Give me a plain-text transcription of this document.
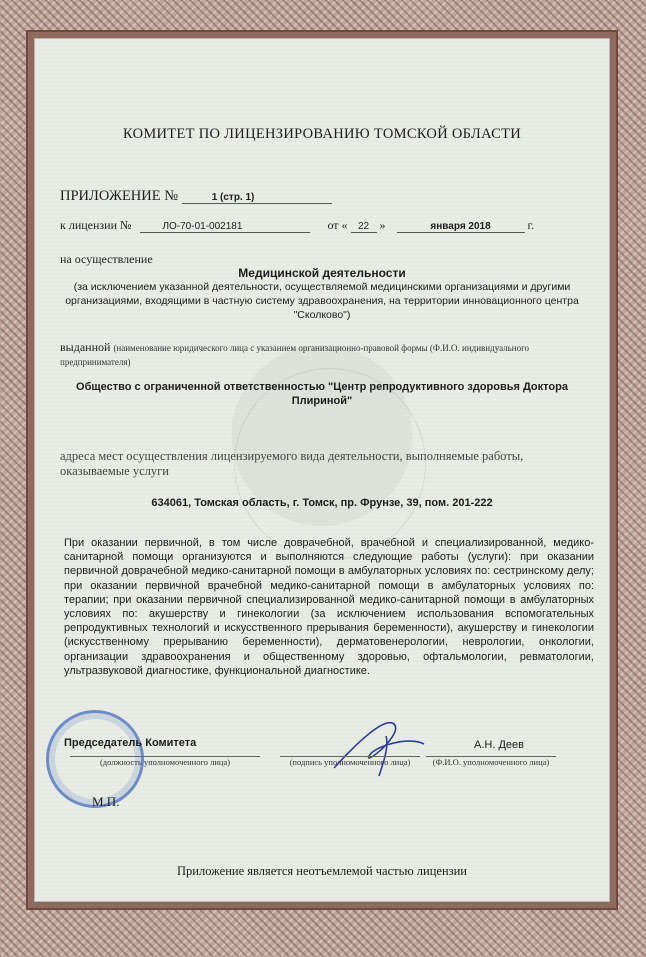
КОМИТЕТ ПО ЛИЦЕНЗИРОВАНИЮ ТОМСКОЙ ОБЛАСТИ
ПРИЛОЖЕНИЕ №	1 (стр. 1)
к лицензии №	ЛО-70-01-002181	от « 22 »	января 2018	г.
на осуществление
Медицинской деятельности
(за исключением указанной деятельности, осуществляемой медицинскими организациями и другими организациями, входящими в частную систему здравоохранения, на территории инновационного центра "Сколково")
выданной (наименование юридического лица с указанием организационно-правовой формы (Ф.И.О. индивидуального предпринимателя)
Общество с ограниченной ответственностью "Центр репродуктивного здоровья Доктора Плириной"
адреса мест осуществления лицензируемого вида деятельности, выполняемые работы, оказываемые услуги
634061, Томская область, г. Томск, пр. Фрунзе, 39, пом. 201-222
При оказании первичной, в том числе доврачебной, врачебной и специализированной, медико-санитарной помощи организуются и выполняются следующие работы (услуги): при оказании первичной доврачебной медико-санитарной помощи в амбулаторных условиях по: сестринскому делу; при оказании первичной врачебной медико-санитарной помощи в амбулаторных условиях по: терапии; при оказании первичной специализированной медико-санитарной помощи в амбулаторных условиях по: акушерству и гинекологии (за исключением использования вспомогательных репродуктивных технологий и искусственного прерывания беременности), акушерству и гинекологии (искусственному прерыванию беременности), дерматовенерологии, неврологии, онкологии, организации здравоохранения и общественному здоровью, офтальмологии, ревматологии, ультразвуковой диагностике, функциональной диагностике.
Председатель Комитета
(должность уполномоченного лица)	(подпись уполномоченного лица)
А.Н. Деев
(Ф.И.О. уполномоченного лица)
М.П.
Приложение является неотъемлемой частью лицензии
